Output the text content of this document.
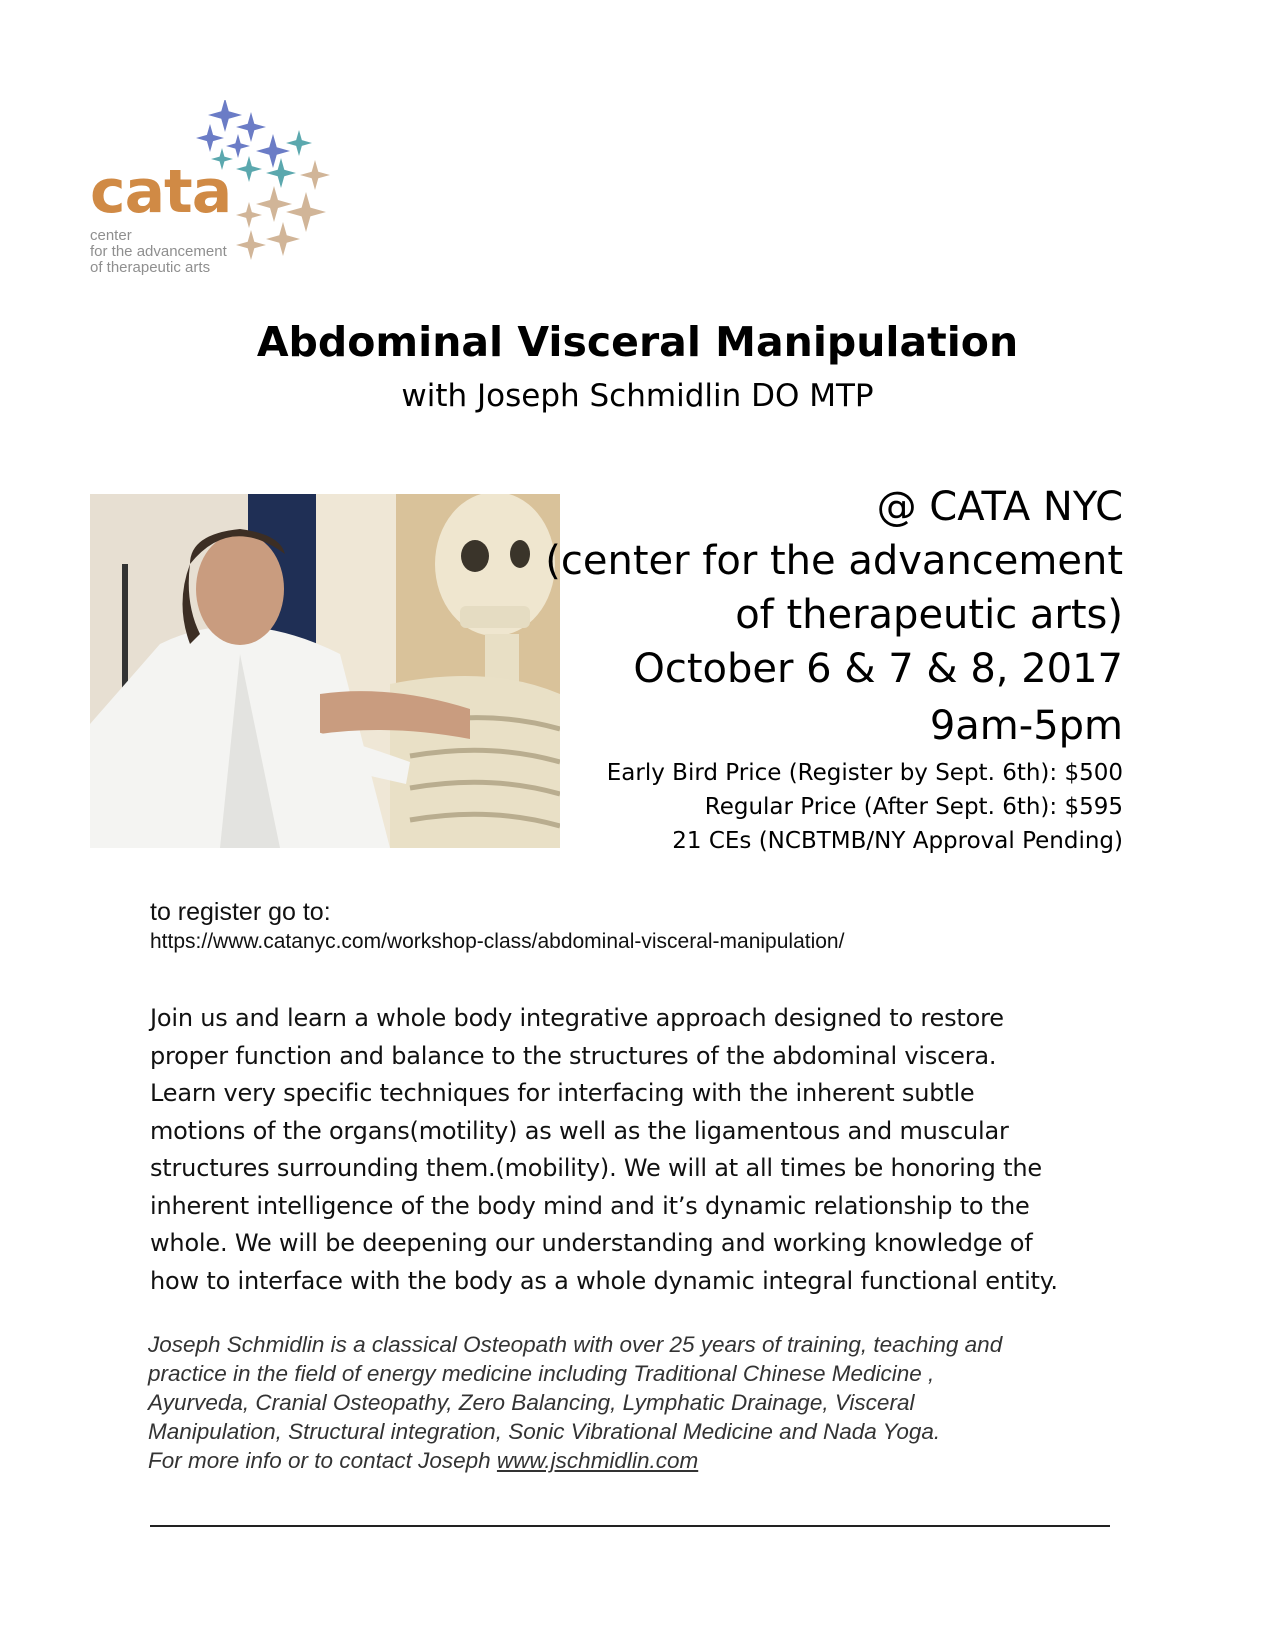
cata
center
for the advancement
of therapeutic arts
Abdominal Visceral Manipulation
with Joseph Schmidlin DO MTP
@ CATA NYC
(center for the advancement
of therapeutic arts)
October 6 & 7 & 8, 2017
9am-5pm
Early Bird Price (Register by Sept. 6th): $500
Regular Price (After Sept. 6th): $595
21 CEs (NCBTMB/NY Approval Pending)
to register go to:
https://www.catanyc.com/workshop-class/abdominal-visceral-manipulation/
Join us and learn a whole body integrative approach designed to restore
proper function and balance to the structures of the abdominal viscera.
Learn very specific techniques for interfacing with the inherent subtle
motions of the organs(motility) as well as the ligamentous and muscular
structures surrounding them.(mobility). We will at all times be honoring the
inherent intelligence of the body mind and it’s dynamic relationship to the
whole. We will be deepening our understanding and working knowledge of
how to interface with the body as a whole dynamic integral functional entity.
Joseph Schmidlin is a classical Osteopath with over 25 years of training, teaching and
practice in the field of energy medicine including Traditional Chinese Medicine ,
Ayurveda, Cranial Osteopathy, Zero Balancing, Lymphatic Drainage, Visceral
Manipulation, Structural integration, Sonic Vibrational Medicine and Nada Yoga.
For more info or to contact Joseph www.jschmidlin.com
